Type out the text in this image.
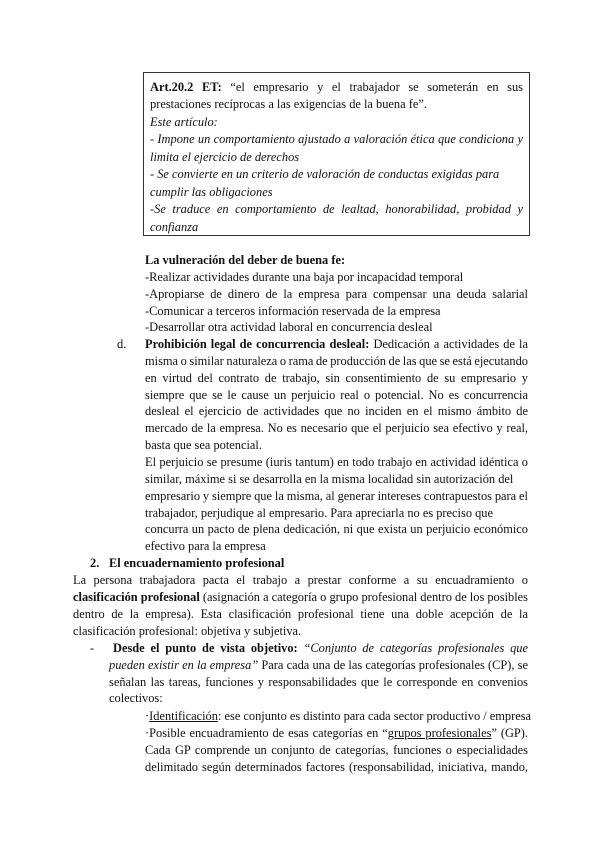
Art.20.2 ET: “el empresario y el trabajador se someterán en sus
prestaciones recíprocas a las exigencias de la buena fe”.
Este artículo:
- Impone un comportamiento ajustado a valoración ética que condiciona y
limita el ejercicio de derechos
- Se convierte en un criterio de valoración de conductas exigidas para
cumplir las obligaciones
-Se traduce en comportamiento de lealtad, honorabilidad, probidad y
confianza
La vulneración del deber de buena fe:
-Realizar actividades durante una baja por incapacidad temporal
-Apropiarse de dinero de la empresa para compensar una deuda salarial
-Comunicar a terceros información reservada de la empresa
-Desarrollar otra actividad laboral en concurrencia desleal
Prohibición legal de concurrencia desleal: Dedicación a actividades de la
d.
misma o similar naturaleza o rama de producción de las que se está ejecutando
en virtud del contrato de trabajo, sin consentimiento de su empresario y
siempre que se le cause un perjuicio real o potencial. No es concurrencia
desleal el ejercicio de actividades que no inciden en el mismo ámbito de
mercado de la empresa. No es necesario que el perjuicio sea efectivo y real,
basta que sea potencial.
El perjuicio se presume (iuris tantum) en todo trabajo en actividad idéntica o
similar, máxime si se desarrolla en la misma localidad sin autorización del
empresario y siempre que la misma, al generar intereses contrapuestos para el
trabajador, perjudique al empresario. Para apreciarla no es preciso que
concurra un pacto de plena dedicación, ni que exista un perjuicio económico
efectivo para la empresa
El encuadernamiento profesional
2.
La persona trabajadora pacta el trabajo a prestar conforme a su encuadramiento o
clasificación profesional (asignación a categoría o grupo profesional dentro de los posibles
dentro de la empresa). Esta clasificación profesional tiene una doble acepción de la
clasificación profesional: objetiva y subjetiva.
Desde el punto de vista objetivo: “Conjunto de categorías profesionales que
-
pueden existir en la empresa” Para cada una de las categorías profesionales (CP), se
señalan las tareas, funciones y responsabilidades que le corresponde en convenios
colectivos:
·Identificación: ese conjunto es distinto para cada sector productivo / empresa
·Posible encuadramiento de esas categorías en “grupos profesionales” (GP).
Cada GP comprende un conjunto de categorías, funciones o especialidades
delimitado según determinados factores (responsabilidad, iniciativa, mando,
